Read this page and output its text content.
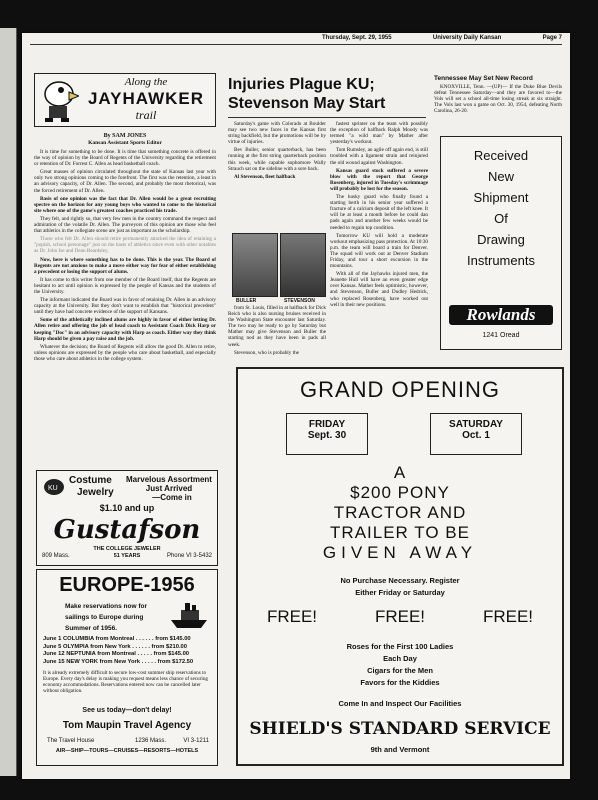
Thursday, Sept. 29, 1955	University Daily Kansan	Page 7
Along the
JAYHAWKER
trail
By SAM JONES
Kansan Assistant Sports Editor

It is time for something to be done. It is time that something concrete is offered in the way of opinion by the Board of Regents of the University regarding the retirement or retention of Dr. Forrest C. Allen as head basketball coach.

Great masses of opinion circulated throughout the state of Kansas last year with only two strong opinions coming to the forefront. The first was the retention, a least in an advisory capacity, of Dr. Allen. The second, and probably the most rhetorical, was the forced retirement of Dr. Allen.

Basis of one opinion was the fact that Dr. Allen would be a great recruiting spectre on the horizon for any young boys who wanted to come to the historical site where one of the game's greatest coaches practiced his trade.

They felt, and rightly so, that very few men in the country command the respect and admiration of the volatile Dr. Allen. The purveyors of this opinion are those who feel that athletics in the collegiate scene are just as important as the scholarship.

Those who felt Dr. Allen should retire permanently attacked the idea of retaining a "popish, school personage" just on the basis of athletics since even with other notables as Dr. John Ise and Dean Beardsley,

Now, here is where something has to be done. This is the year. The Board of Regents are not anxious to make a move either way for fear of either establishing a precedent or losing the support of alums.

It has come to this writer from one member of the Board itself, that the Regents are hesitant to act until opinion is expressed by the people of Kansas and the students of the University.

The informant indicated the Board was in favor of retaining Dr. Allen in an advisory capacity at the University. But they don't want to establish that "historical precedent" until they have had concrete evidence of the support of Kansans.

Some of the athletically inclined alums are highly in favor of either letting Dr. Allen retire and offering the job of head coach to Assistant Coach Dick Harp or keeping "Doc" in an advisory capacity with Harp as coach. Either way they think Harp should be given a pay raise and the job.

Whatever the decision; the Board of Regents will allow the good Dr. Allen to retire, unless opinions are expressed by the people who care about basketball, and especially those who care about athletics in the college system.

KU
Costume
Jewelry
Marvelous Assortment Just Arrived
—Come in
$1.10 and up
Gustafson
THE COLLEGE JEWELER
809 Mass.	51 YEARS	Phone VI 3-5432
EUROPE-1956
Make reservations now for
sailings to Europe during
Summer of 1956.
June 1 COLUMBIA from Montreal . . . . . . from $145.00
June 5 OLYMPIA from New York . . . . . . from $210.00
June 12 NEPTUNIA from Montreal . . . . . from $145.00
June 15 NEW YORK from New York . . . . . from $172.50
It is already extremely difficult to secure low-cost summer ship reservations to Europe. Every day's delay is making you request means less chance of securing economy accommodations. Reservations entered now can be cancelled later without obligation.
See us today—don't delay!
Tom Maupin Travel Agency
The Travel House	1236 Mass.	VI 3-1211
AIR—SHIP—TOURS—CRUISES—RESORTS—HOTELS
Injuries Plague KU; Stevenson May Start

Saturday's game with Colorado at Boulder may see two new faces in the Kansas first string backfield, but the promotions will be by virtue of injuries.

Bev Buller, senior quarterback, has been running at the first string quarterback position this week, while capable sophomore Wally Strauch sat on the sideline with a sore back.

Al Stevenson, fleet halfback

BULLER	STEVENSON

from St. Louis, filled in at halfback for Dick Reich who is also nursing bruises received in the Washington State encounter last Saturday. The two may be ready to go by Saturday but Mather may give Stevenson and Buller the starting nod as they have been in pads all week.

Stevenson, who is probably the

fastest sprinter on the team with possibly the exception of halfback Ralph Moody was termed "a wild man" by Mather after yesterday's workout.

Tom Rumsley, an agile off again end, is still troubled with a ligament strain and reinjured the old wound against Washington.

Kansas guard stock suffered a severe blow with the report that George Rosenberg, injured in Tuesday's scrimmage will probably be lost for the season.

The husky guard who finally found a starting berth in his senior year suffered a fracture of a calcium deposit of the left knee. It will be at least a month before he could dan pads again and another few weeks would be needed to regain top condition.

Tomorrow KU will hold a moderate workout emphasizing pass protection. At 10:30 p.m. the team will board a train for Denver. The squad will work out at Denver Stadium Friday, and tour a short excursion in the mountains.

With all of the Jayhawks injured men, the Jeanette Hull will have an even greater edge over Kansas. Mather feels optimistic, however, and Stevenson, Buller and Dudley Hedrick, who replaced Rosenberg, have worked out well in their new positions.

Tennessee May Set New Record

KNOXVILLE, Tenn. —(UP)— If the Duke Blue Devils defeat Tennessee Saturday—and they are favored to—the Vols will set a school all-time losing streak at six straight. The Vols last won a game on Oct. 30, 1954, defeating North Carolina, 26-20.

Received
New
Shipment
Of
Drawing
Instruments
Rowlands
1241 Oread
GRAND OPENING
FRIDAY
Sept. 30
SATURDAY
Oct. 1
A
$200 PONY
TRACTOR AND
TRAILER TO BE
GIVEN AWAY
No Purchase Necessary. Register
Either Friday or Saturday
FREE!	FREE!	FREE!
Roses for the First 100 Ladies
Each Day
Cigars for the Men
Favors for the Kiddies
Come In and Inspect Our Facilities
SHIELD'S STANDARD SERVICE
9th and Vermont
